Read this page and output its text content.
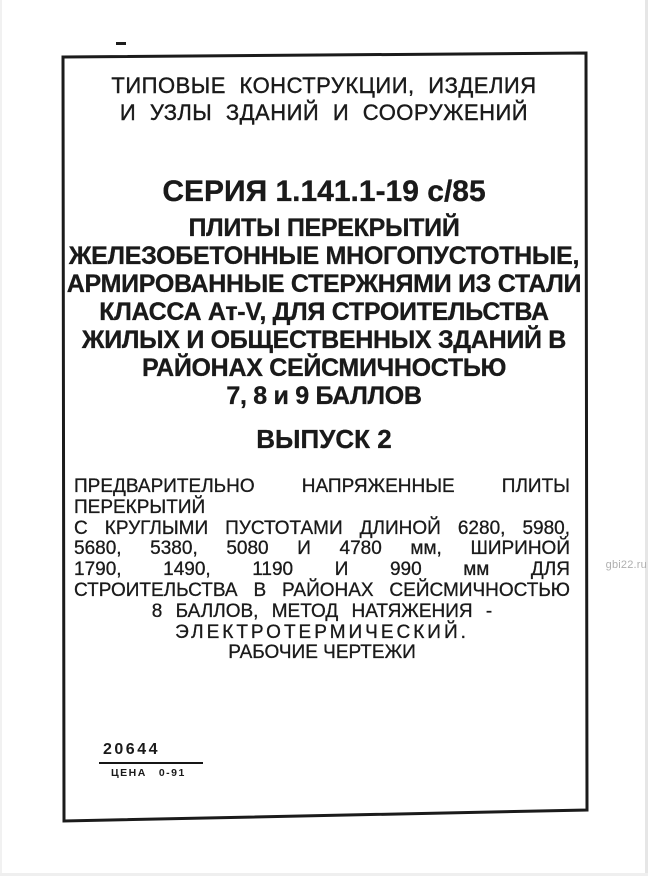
ТИПОВЫЕ КОНСТРУКЦИИ, ИЗДЕЛИЯ
И УЗЛЫ ЗДАНИЙ И СООРУЖЕНИЙ
СЕРИЯ 1.141.1-19 с/85
ПЛИТЫ ПЕРЕКРЫТИЙ
ЖЕЛЕЗОБЕТОННЫЕ МНОГОПУСТОТНЫЕ,
АРМИРОВАННЫЕ СТЕРЖНЯМИ ИЗ СТАЛИ
КЛАССА Ат-V, ДЛЯ СТРОИТЕЛЬСТВА
ЖИЛЫХ И ОБЩЕСТВЕННЫХ ЗДАНИЙ В
РАЙОНАХ СЕЙСМИЧНОСТЬЮ
7, 8 и 9 БАЛЛОВ
ВЫПУСК 2
ПРЕДВАРИТЕЛЬНО НАПРЯЖЕННЫЕ ПЛИТЫ ПЕРЕКРЫТИЙ
С КРУГЛЫМИ ПУСТОТАМИ ДЛИНОЙ 6280, 5980,
5680, 5380, 5080 И 4780 мм, ШИРИНОЙ
1790, 1490, 1190 И 990 мм ДЛЯ
СТРОИТЕЛЬСТВА В РАЙОНАХ СЕЙСМИЧНОСТЬЮ
8 БАЛЛОВ, МЕТОД НАТЯЖЕНИЯ -
ЭЛЕКТРОТЕРМИЧЕСКИЙ.
РАБОЧИЕ ЧЕРТЕЖИ
20644
ЦЕНА 0-91
gbi22.ru
